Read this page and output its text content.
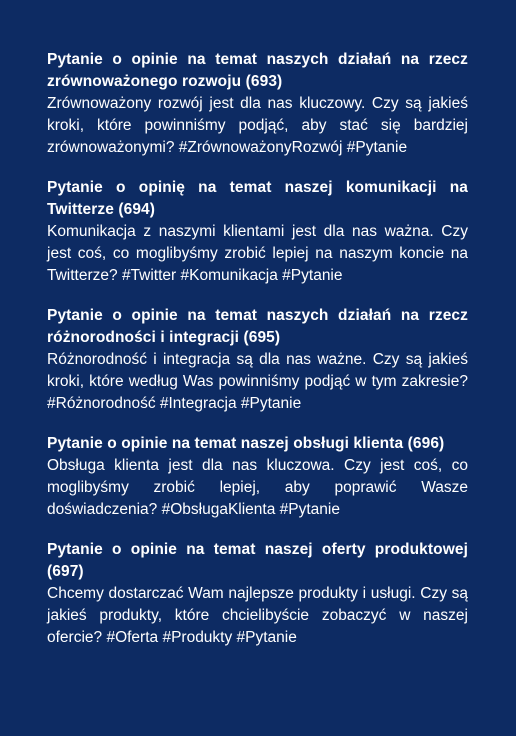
Pytanie o opinie na temat naszych działań na rzecz zrównoważonego rozwoju (693)

Zrównoważony rozwój jest dla nas kluczowy. Czy są jakieś kroki, które powinniśmy podjąć, aby stać się bardziej zrównoważonymi? #ZrównoważonyRozwój #Pytanie

Pytanie o opinię na temat naszej komunikacji na Twitterze (694)

Komunikacja z naszymi klientami jest dla nas ważna. Czy jest coś, co moglibyśmy zrobić lepiej na naszym koncie na Twitterze? #Twitter #Komunikacja #Pytanie

Pytanie o opinie na temat naszych działań na rzecz różnorodności i integracji (695)

Różnorodność i integracja są dla nas ważne. Czy są jakieś kroki, które według Was powinniśmy podjąć w tym zakresie? #Różnorodność #Integracja #Pytanie

Pytanie o opinie na temat naszej obsługi klienta (696)

Obsługa klienta jest dla nas kluczowa. Czy jest coś, co moglibyśmy zrobić lepiej, aby poprawić Wasze doświadczenia? #ObsługaKlienta #Pytanie

Pytanie o opinie na temat naszej oferty produktowej (697)

Chcemy dostarczać Wam najlepsze produkty i usługi. Czy są jakieś produkty, które chcielibyście zobaczyć w naszej ofercie? #Oferta #Produkty #Pytanie
